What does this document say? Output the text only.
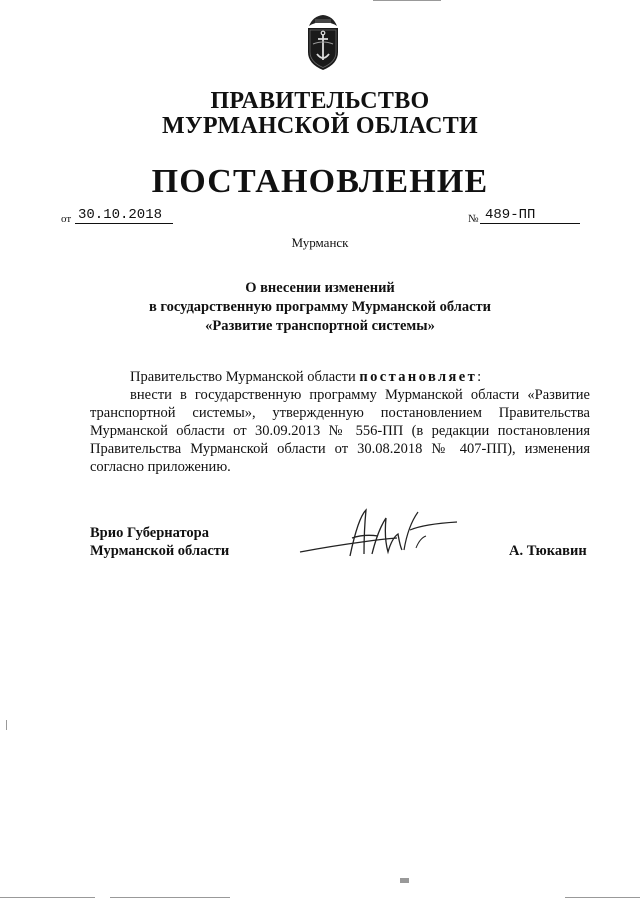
ПРАВИТЕЛЬСТВО
МУРМАНСКОЙ ОБЛАСТИ
ПОСТАНОВЛЕНИЕ
от 30.10.2018	№ 489-ПП
Мурманск
О внесении изменений
в государственную программу Мурманской области
«Развитие транспортной системы»

Правительство Мурманской области постановляет:

внести в государственную программу Мурманской области «Развитие транспортной системы», утвержденную постановлением Правительства Мурманской области от 30.09.2013 № 556-ПП (в редакции постановления Правительства Мурманской области от 30.08.2018 № 407-ПП), изменения согласно приложению.

Врио Губернатора
Мурманской области	А. Тюкавин
